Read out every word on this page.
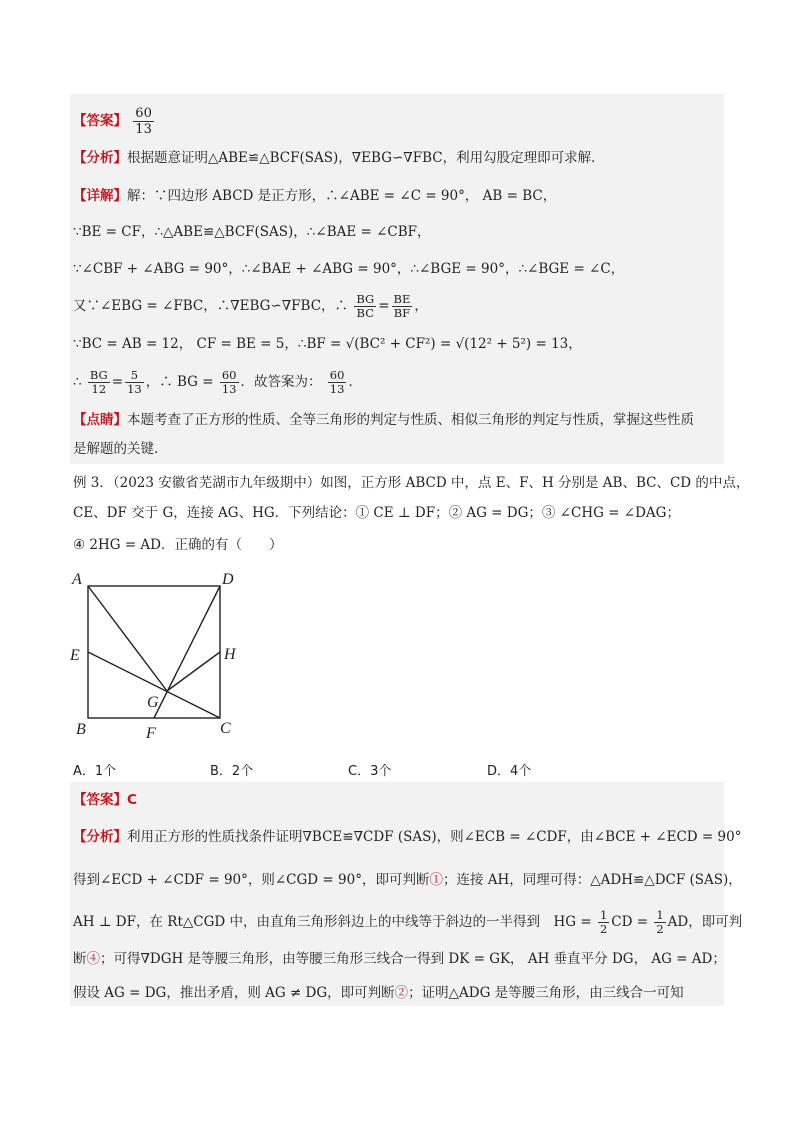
【答案】 $\frac{60}{13}$
【分析】根据题意证明△ABE≌△BCF(SAS)，∇EBG∽∇FBC，利用勾股定理即可求解．
【详解】解：∵四边形 ABCD 是正方形，∴∠ABE = ∠C = 90°， AB = BC，
∵BE = CF，∴△ABE≌△BCF(SAS)，∴∠BAE = ∠CBF，
∵∠CBF + ∠ABG = 90°，∴∠BAE + ∠ABG = 90°，∴∠BGE = 90°，∴∠BGE = ∠C，
又∵∠EBG = ∠FBC，∴∇EBG∽∇FBC，∴ $\frac{BG}{BC} = \frac{BE}{BF}$ ，
∵BC = AB = 12， CF = BE = 5，∴BF = √(BC² + CF²) = √(12² + 5²) = 13，
∴ $\frac{BG}{12} = \frac{5}{13}$ ，∴ BG = $\frac{60}{13}$ ．故答案为： $\frac{60}{13}$ ．
【点睛】本题考查了正方形的性质、全等三角形的判定与性质、相似三角形的判定与性质，掌握这些性质
是解题的关键．
例 3．（2023 安徽省芜湖市九年级期中）如图，正方形 ABCD 中，点 E、F、H 分别是 AB、BC、CD 的中点，
CE、DF 交于 G，连接 AG、HG．下列结论：① CE ⊥ DF；② AG = DG；③ ∠CHG = ∠DAG；
④ 2HG = AD．正确的有（　　）
A	D
E	H
G
B	F	C
A．1个	B．2个	C．3个	D．4个
【答案】C
【分析】利用正方形的性质找条件证明∇BCE≌∇CDF (SAS)，则∠ECB = ∠CDF，由∠BCE + ∠ECD = 90°
得到∠ECD + ∠CDF = 90°，则∠CGD = 90°，即可判断①；连接 AH，同理可得：△ADH≌△DCF (SAS)，
AH ⊥ DF，在 Rt△CGD 中，由直角三角形斜边上的中线等于斜边的一半得到　HG = $\frac{1}{2}$ CD = $\frac{1}{2}$ AD，即可判
断④；可得∇DGH 是等腰三角形，由等腰三角形三线合一得到 DK = GK， AH 垂直平分 DG， AG = AD；
假设 AG = DG，推出矛盾，则 AG ≠ DG，即可判断②；证明△ADG 是等腰三角形，由三线合一可知
